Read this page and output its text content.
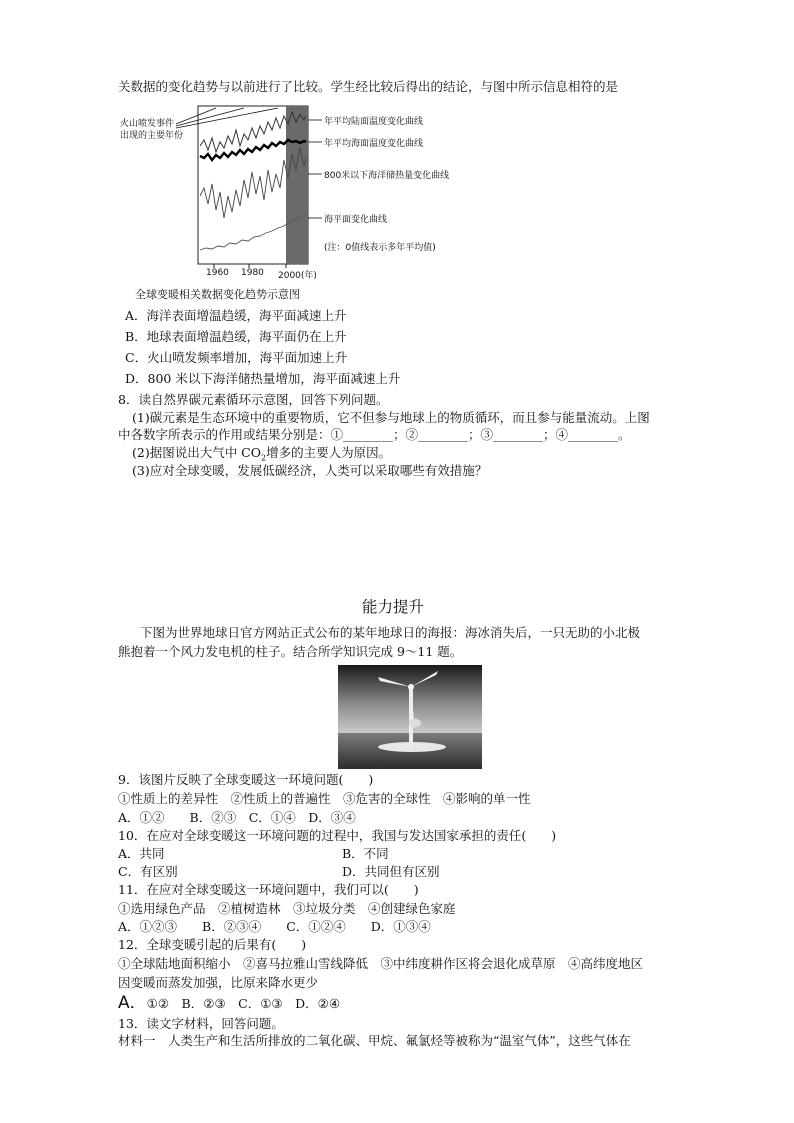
关数据的变化趋势与以前进行了比较。学生经比较后得出的结论，与图中所示信息相符的是
火山喷发事件
出现的主要年份
年平均陆面温度变化曲线
年平均海面温度变化曲线
800米以下海洋储热量变化曲线
海平面变化曲线
(注：0值线表示多年平均值)
1960 1980 2000(年)
全球变暖相关数据变化趋势示意图
A．海洋表面增温趋缓，海平面减速上升
B．地球表面增温趋缓，海平面仍在上升
C．火山喷发频率增加，海平面加速上升
D．800 米以下海洋储热量增加，海平面减速上升
8．读自然界碳元素循环示意图，回答下列问题。
(1)碳元素是生态环境中的重要物质，它不但参与地球上的物质循环，而且参与能量流动。上图
中各数字所表示的作用或结果分别是：①________；②________；③________；④________。
(2)据图说出大气中 $CO_2$增多的主要人为原因。
(3)应对全球变暖，发展低碳经济，人类可以采取哪些有效措施？
能力提升
下图为世界地球日官方网站正式公布的某年地球日的海报：海冰消失后，一只无助的小北极
熊抱着一个风力发电机的柱子。结合所学知识完成 9～11 题。
9．该图片反映了全球变暖这一环境问题(　　)
①性质上的差异性　②性质上的普遍性　③危害的全球性　④影响的单一性
A．①②　　B．②③　C．①④　D．③④
10．在应对全球变暖这一环境问题的过程中，我国与发达国家承担的责任(　　)
A．共同	B．不同
C．有区别	D．共同但有区别
11．在应对全球变暖这一环境问题中，我们可以(　　)
①选用绿色产品　②植树造林　③垃圾分类　④创建绿色家庭
A．①②③　　B．②③④　　C．①②④　　D．①③④
12．全球变暖引起的后果有(　　)
①全球陆地面积缩小　②喜马拉雅山雪线降低　③中纬度耕作区将会退化成草原　④高纬度地区
因变暖而蒸发加强，比原来降水更少
A．①②　B．②③　C．①③　D．②④
13．读文字材料，回答问题。
材料一　人类生产和生活所排放的二氧化碳、甲烷、氟氯烃等被称为“温室气体”，这些气体在
